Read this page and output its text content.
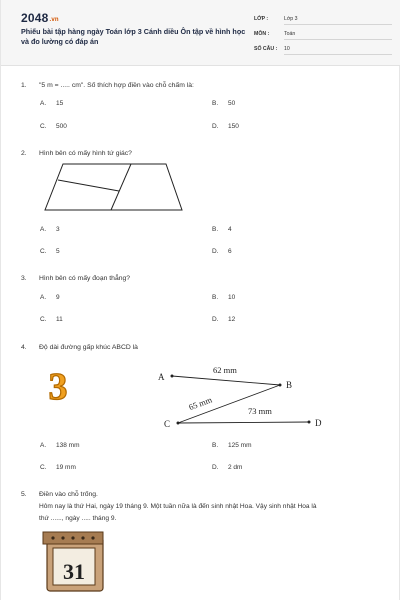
2048.vn
Phiếu bài tập hàng ngày Toán lớp 3 Cánh diều Ôn tập về hình học và đo lường có đáp án
LỚP :	Lớp 3
MÔN :	Toán
SỐ CÂU : 10
1.	"5 m = ..... cm". Số thích hợp điền vào chỗ chấm là:
A. 15	B. 50
C. 500	D. 150
2.	Hình bên có mấy hình tứ giác?
A. 3	B. 4
C. 5	D. 6
3.	Hình bên có mấy đoạn thẳng?
A. 9	B. 10
C. 11	D. 12
4.	Độ dài đường gấp khúc ABCD là
3	A
B
C	D
62 mm
65 mm	73 mm
A. 138 mm	B. 125 mm
C. 19 mm	D. 2 dm
5.	Điền vào chỗ trống.
Hôm nay là thứ Hai, ngày 19 tháng 9. Một tuần nữa là đến sinh nhật Hoa. Vậy sinh nhật Hoa là
thứ ......, ngày ..... tháng 9.
31
